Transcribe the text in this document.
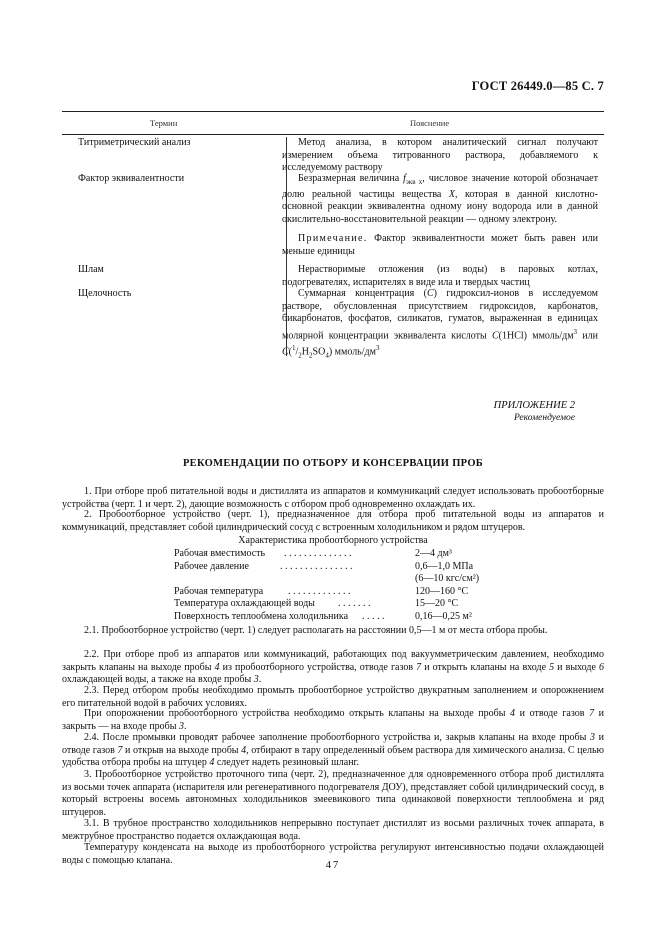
ГОСТ 26449.0—85 С. 7
Термин	Пояснение
Титриметрический анализ	Метод анализа, в котором аналитический сигнал получают измерением объема титрованного раствора, добавляемого к исследуемому раствору

Фактор эквивалентности	Безразмерная величина $f_{экв x}$, числовое значение которой обозначает долю реальной частицы вещества X, которая в данной кислотно-основной реакции эквивалентна одному иону водорода или в данной окислительно-восстановительной реакции — одному электрону.

Примечание. Фактор эквивалентности может быть равен или меньше единицы

Шлам	Нерастворимые отложения (из воды) в паровых котлах, подогревателях, испарителях в виде ила и твердых частиц

Щелочность	Суммарная концентрация (C) гидроксил-ионов в исследуемом растворе, обусловленная присутствием гидроксидов, карбонатов, бикарбонатов, фосфатов, силикатов, гуматов, выраженная в единицах молярной концентрации эквивалента кислоты C(1HCl) ммоль/$дм^3$ или $C(^1/_2H_2SO_4)$ ммоль/$дм^3$

ПРИЛОЖЕНИЕ 2
Рекомендуемое
РЕКОМЕНДАЦИИ ПО ОТБОРУ И КОНСЕРВАЦИИ ПРОБ

1. При отборе проб питательной воды и дистиллята из аппаратов и коммуникаций следует использовать пробоотборные устройства (черт. 1 и черт. 2), дающие возможность с отбором проб одновременно охлаждать их.

2. Пробоотборное устройство (черт. 1), предназначенное для отбора проб питательной воды из аппаратов и коммуникаций, представляет собой цилиндрический сосуд с встроенным холодильником и рядом штуцеров.

Характеристика пробоотборного устройства
Рабочая вместимость . . . . . . . . . . . . . .	2—4 дм³
Рабочее давление	. . . . . . . . . . . . . . .	0,6—1,0 МПа
(6—10 кгс/см²)
Рабочая температура . . . . . . . . . . . . .	120—160 °С
Температура охлаждающей воды . . . . . . .	15—20 °С
Поверхность теплообмена холодильника . . . . .	0,16—0,25 м²

2.1. Пробоотборное устройство (черт. 1) следует располагать на расстоянии 0,5—1 м от места отбора пробы.

2.2. При отборе проб из аппаратов или коммуникаций, работающих под вакуумметрическим давлением, необходимо закрыть клапаны на выходе пробы 4 из пробоотборного устройства, отводе газов 7 и открыть клапаны на входе 5 и выходе 6 охлаждающей воды, а также на входе пробы 3.

2.3. Перед отбором пробы необходимо промыть пробоотборное устройство двукратным заполнением и опорожнением его питательной водой в рабочих условиях.

При опорожнении пробоотборного устройства необходимо открыть клапаны на выходе пробы 4 и отводе газов 7 и закрыть — на входе пробы 3.

2.4. После промывки проводят рабочее заполнение пробоотборного устройства и, закрыв клапаны на входе пробы 3 и отводе газов 7 и открыв на выходе пробы 4, отбирают в тару определенный объем раствора для химического анализа. С целью удобства отбора пробы на штуцер 4 следует надеть резиновый шланг.

3. Пробоотборное устройство проточного типа (черт. 2), предназначенное для одновременного отбора проб дистиллята из восьми точек аппарата (испарителя или регенеративного подогревателя ДОУ), представляет собой цилиндрический сосуд, в который встроены восемь автономных холодильников змеевикового типа одинаковой поверхности теплообмена и ряд штуцеров.

3.1. В трубное пространство холодильников непрерывно поступает дистиллят из восьми различных точек аппарата, в межтрубное пространство подается охлаждающая вода.

Температуру конденсата на выходе из пробоотборного устройства регулируют интенсивностью подачи охлаждающей воды с помощью клапана.	47
